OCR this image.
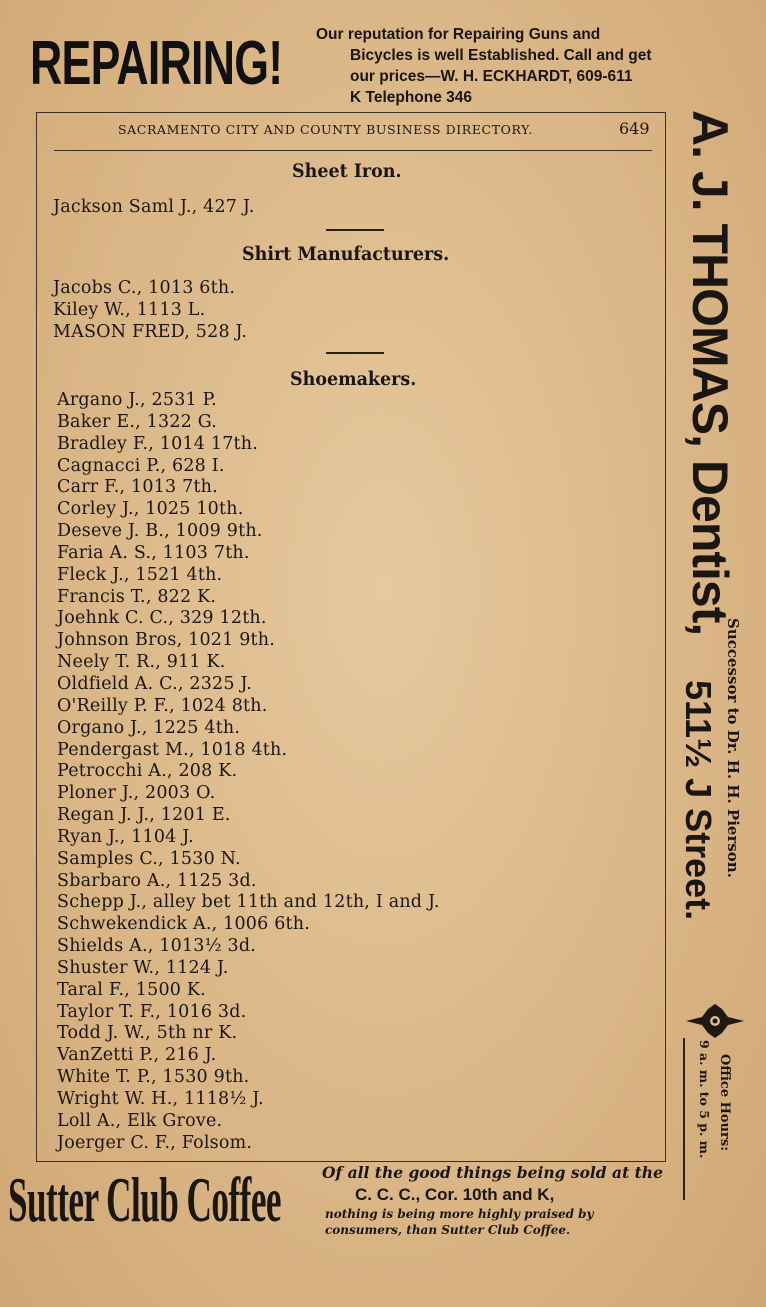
REPAIRING! Our reputation for Repairing Guns and
Bicycles is well Established. Call and get
our prices—W. H. ECKHARDT, 609-611
K Telephone 346
SACRAMENTO CITY AND COUNTY BUSINESS DIRECTORY.	649
Sheet Iron.
Jackson Saml J., 427 J.
Shirt Manufacturers.
Jacobs C., 1013 6th.
Kiley W., 1113 L.
MASON FRED, 528 J.
Shoemakers.
Argano J., 2531 P.
Baker E., 1322 G.
Bradley F., 1014 17th.
Cagnacci P., 628 I.
Carr F., 1013 7th.
Corley J., 1025 10th.
Deseve J. B., 1009 9th.
Faria A. S., 1103 7th.
Fleck J., 1521 4th.
Francis T., 822 K.
Joehnk C. C., 329 12th.
Johnson Bros, 1021 9th.
Neely T. R., 911 K.
Oldfield A. C., 2325 J.
O'Reilly P. F., 1024 8th.
Organo J., 1225 4th.
Pendergast M., 1018 4th.
Petrocchi A., 208 K.
Ploner J., 2003 O.
Regan J. J., 1201 E.
Ryan J., 1104 J.
Samples C., 1530 N.
Sbarbaro A., 1125 3d.
Schepp J., alley bet 11th and 12th, I and J.
Schwekendick A., 1006 6th.
Shields A., 1013½ 3d.
Shuster W., 1124 J.
Taral F., 1500 K.
Taylor T. F., 1016 3d.
Todd J. W., 5th nr K.
VanZetti P., 216 J.
White T. P., 1530 9th.
Wright W. H., 1118½ J.
Loll A., Elk Grove.
Joerger C. F., Folsom.
A. J. THOMAS, Dentist,
Successor to Dr. H. H. Pierson.
511½ J Street.
Office Hours:
9 a. m. to 5 p. m.
Sutter Club Coffee	Of all the good things being sold at the
C. C. C., Cor. 10th and K,
nothing is being more highly praised by
consumers, than Sutter Club Coffee.
